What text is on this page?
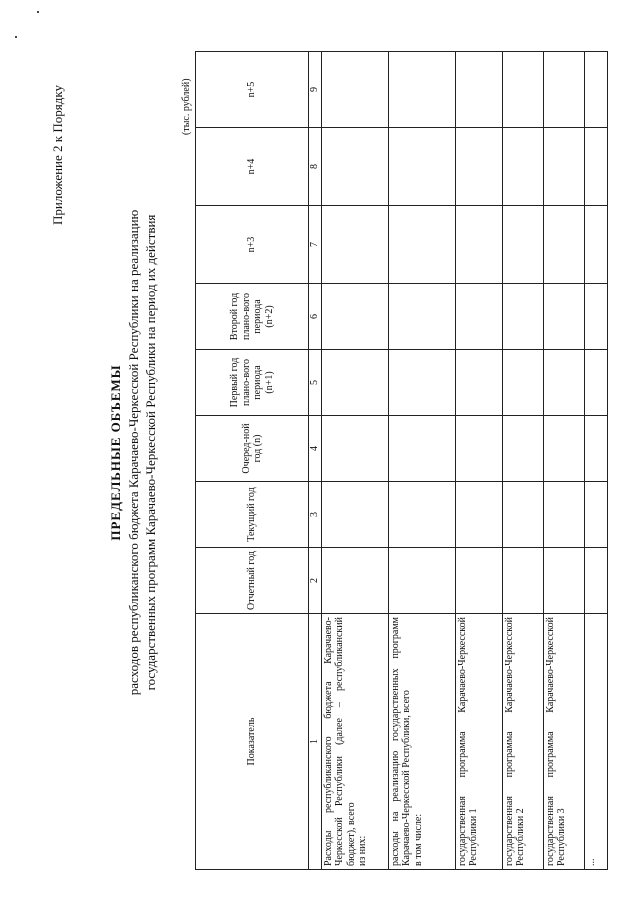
Приложение 2 к Порядку
ПРЕДЕЛЬНЫЕ ОБЪЕМЫ расходов республиканского бюджета Карачаево-Черкесской Республики на реализацию государственных программ Карачаево-Черкесской Республики на период их действия
(тыс. рублей)
Показатель	Отчетный год	Текущий год	Очеред-ной год (n)	Первый год плано-вого периода (n+1)	Второй год плано-вого периода (n+2)	n+3	n+4	n+5
1	2	3	4	5	6	7	8	9

Расходы республиканского бюджета Карачаево-Черкесской Республики (далее – республиканский бюджет), всего из них:								

расходы на реализацию государственных программ Карачаево-Черкесской Республики, всего в том числе:								

государственная программа Карачаево-Черкесской Республики 1								
государственная программа Карачаево-Черкесской Республики 2								
государственная программа Карачаево-Черкесской Республики 3								
...								
